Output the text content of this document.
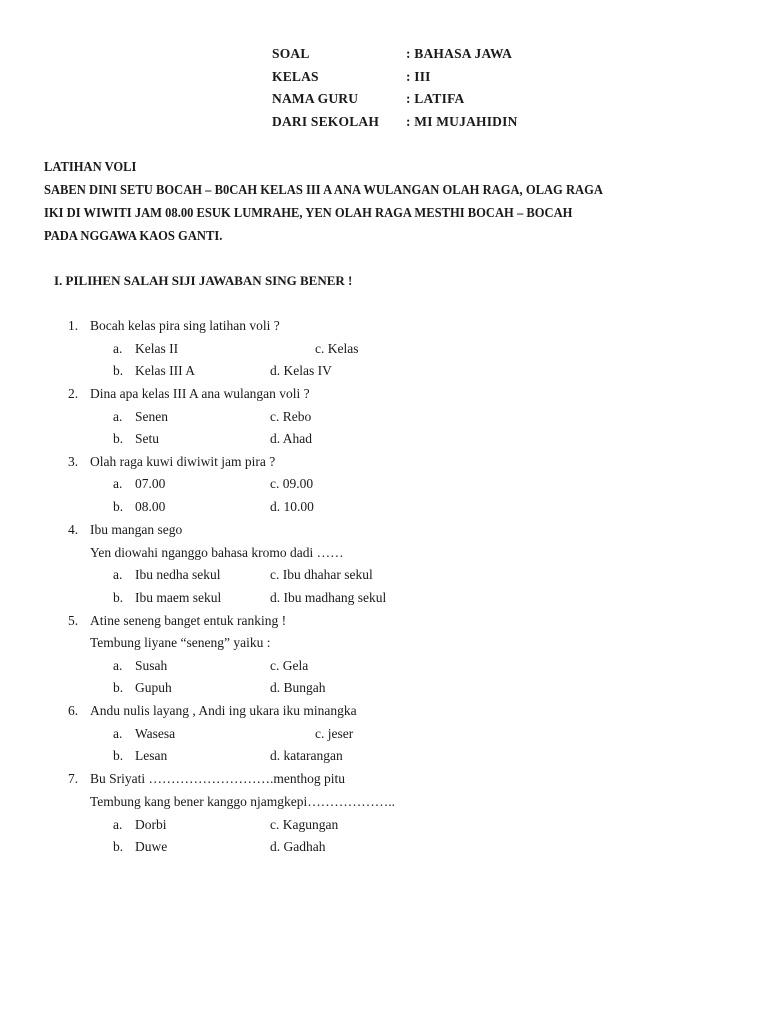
SOAL	: BAHASA JAWA
KELAS	: III
NAMA GURU	: LATIFA
DARI SEKOLAH : MI MUJAHIDIN
LATIHAN VOLI
SABEN DINI SETU BOCAH – B0CAH KELAS III A ANA WULANGAN OLAH RAGA, OLAG RAGA
IKI DI WIWITI JAM 08.00 ESUK LUMRAHE, YEN OLAH RAGA MESTHI BOCAH – BOCAH
PADA NGGAWA KAOS GANTI.
I. PILIHEN SALAH SIJI JAWABAN SING BENER !
1. Bocah kelas pira sing latihan voli ?
a. Kelas II	c. Kelas
b. Kelas III A	d. Kelas IV
2. Dina apa kelas III A ana wulangan voli ?
a. Senen	c. Rebo
b. Setu	d. Ahad
3. Olah raga kuwi diwiwit jam pira ?
a. 07.00	c. 09.00
b. 08.00	d. 10.00
4. Ibu mangan sego
Yen diowahi nganggo bahasa kromo dadi ……
a. Ibu nedha sekul	c. Ibu dhahar sekul
b. Ibu maem sekul	d. Ibu madhang sekul
5. Atine seneng banget entuk ranking !
Tembung liyane “seneng” yaiku :
a. Susah	c. Gela
b. Gupuh	d. Bungah
6. Andu nulis layang , Andi ing ukara iku minangka
a. Wasesa	c. jeser
b. Lesan	d. katarangan
7. Bu Sriyati ……………………….menthog pitu
Tembung kang bener kanggo njamgkepi………………..
a. Dorbi	c. Kagungan
b. Duwe	d. Gadhah
